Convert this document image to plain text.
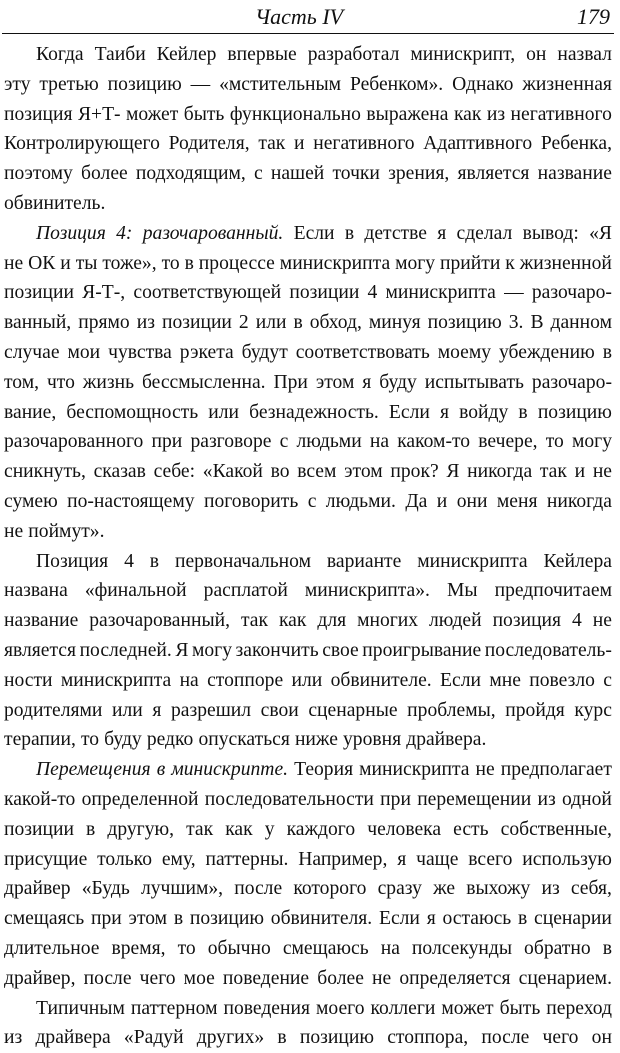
Часть IV	179
Когда Таиби Кейлер впервые разработал минискрипт, он назвал
эту третью позицию — «мстительным Ребенком». Однако жизненная
позиция Я+Т- может быть функционально выражена как из негативного
Контролирующего Родителя, так и негативного Адаптивного Ребенка,
поэтому более подходящим, с нашей точки зрения, является название
обвинитель.
Позиция 4: разочарованный. Если в детстве я сделал вывод: «Я
не ОК и ты тоже», то в процессе минискрипта могу прийти к жизненной
позиции Я-Т-, соответствующей позиции 4 минискрипта — разочаро-
ванный, прямо из позиции 2 или в обход, минуя позицию 3. В данном
случае мои чувства рэкета будут соответствовать моему убеждению в
том, что жизнь бессмысленна. При этом я буду испытывать разочаро-
вание, беспомощность или безнадежность. Если я войду в позицию
разочарованного при разговоре с людьми на каком-то вечере, то могу
сникнуть, сказав себе: «Какой во всем этом прок? Я никогда так и не
сумею по-настоящему поговорить с людьми. Да и они меня никогда
не поймут».
Позиция 4 в первоначальном варианте минискрипта Кейлера
названа «финальной расплатой минискрипта». Мы предпочитаем
название разочарованный, так как для многих людей позиция 4 не
является последней. Я могу закончить свое проигрывание последователь-
ности минискрипта на стоппоре или обвинителе. Если мне повезло с
родителями или я разрешил свои сценарные проблемы, пройдя курс
терапии, то буду редко опускаться ниже уровня драйвера.
Перемещения в минискрипте. Теория минискрипта не предполагает
какой-то определенной последовательности при перемещении из одной
позиции в другую, так как у каждого человека есть собственные,
присущие только ему, паттерны. Например, я чаще всего использую
драйвер «Будь лучшим», после которого сразу же выхожу из себя,
смещаясь при этом в позицию обвинителя. Если я остаюсь в сценарии
длительное время, то обычно смещаюсь на полсекунды обратно в
драйвер, после чего мое поведение более не определяется сценарием.
Типичным паттерном поведения моего коллеги может быть переход
из драйвера «Радуй других» в позицию стоппора, после чего он
